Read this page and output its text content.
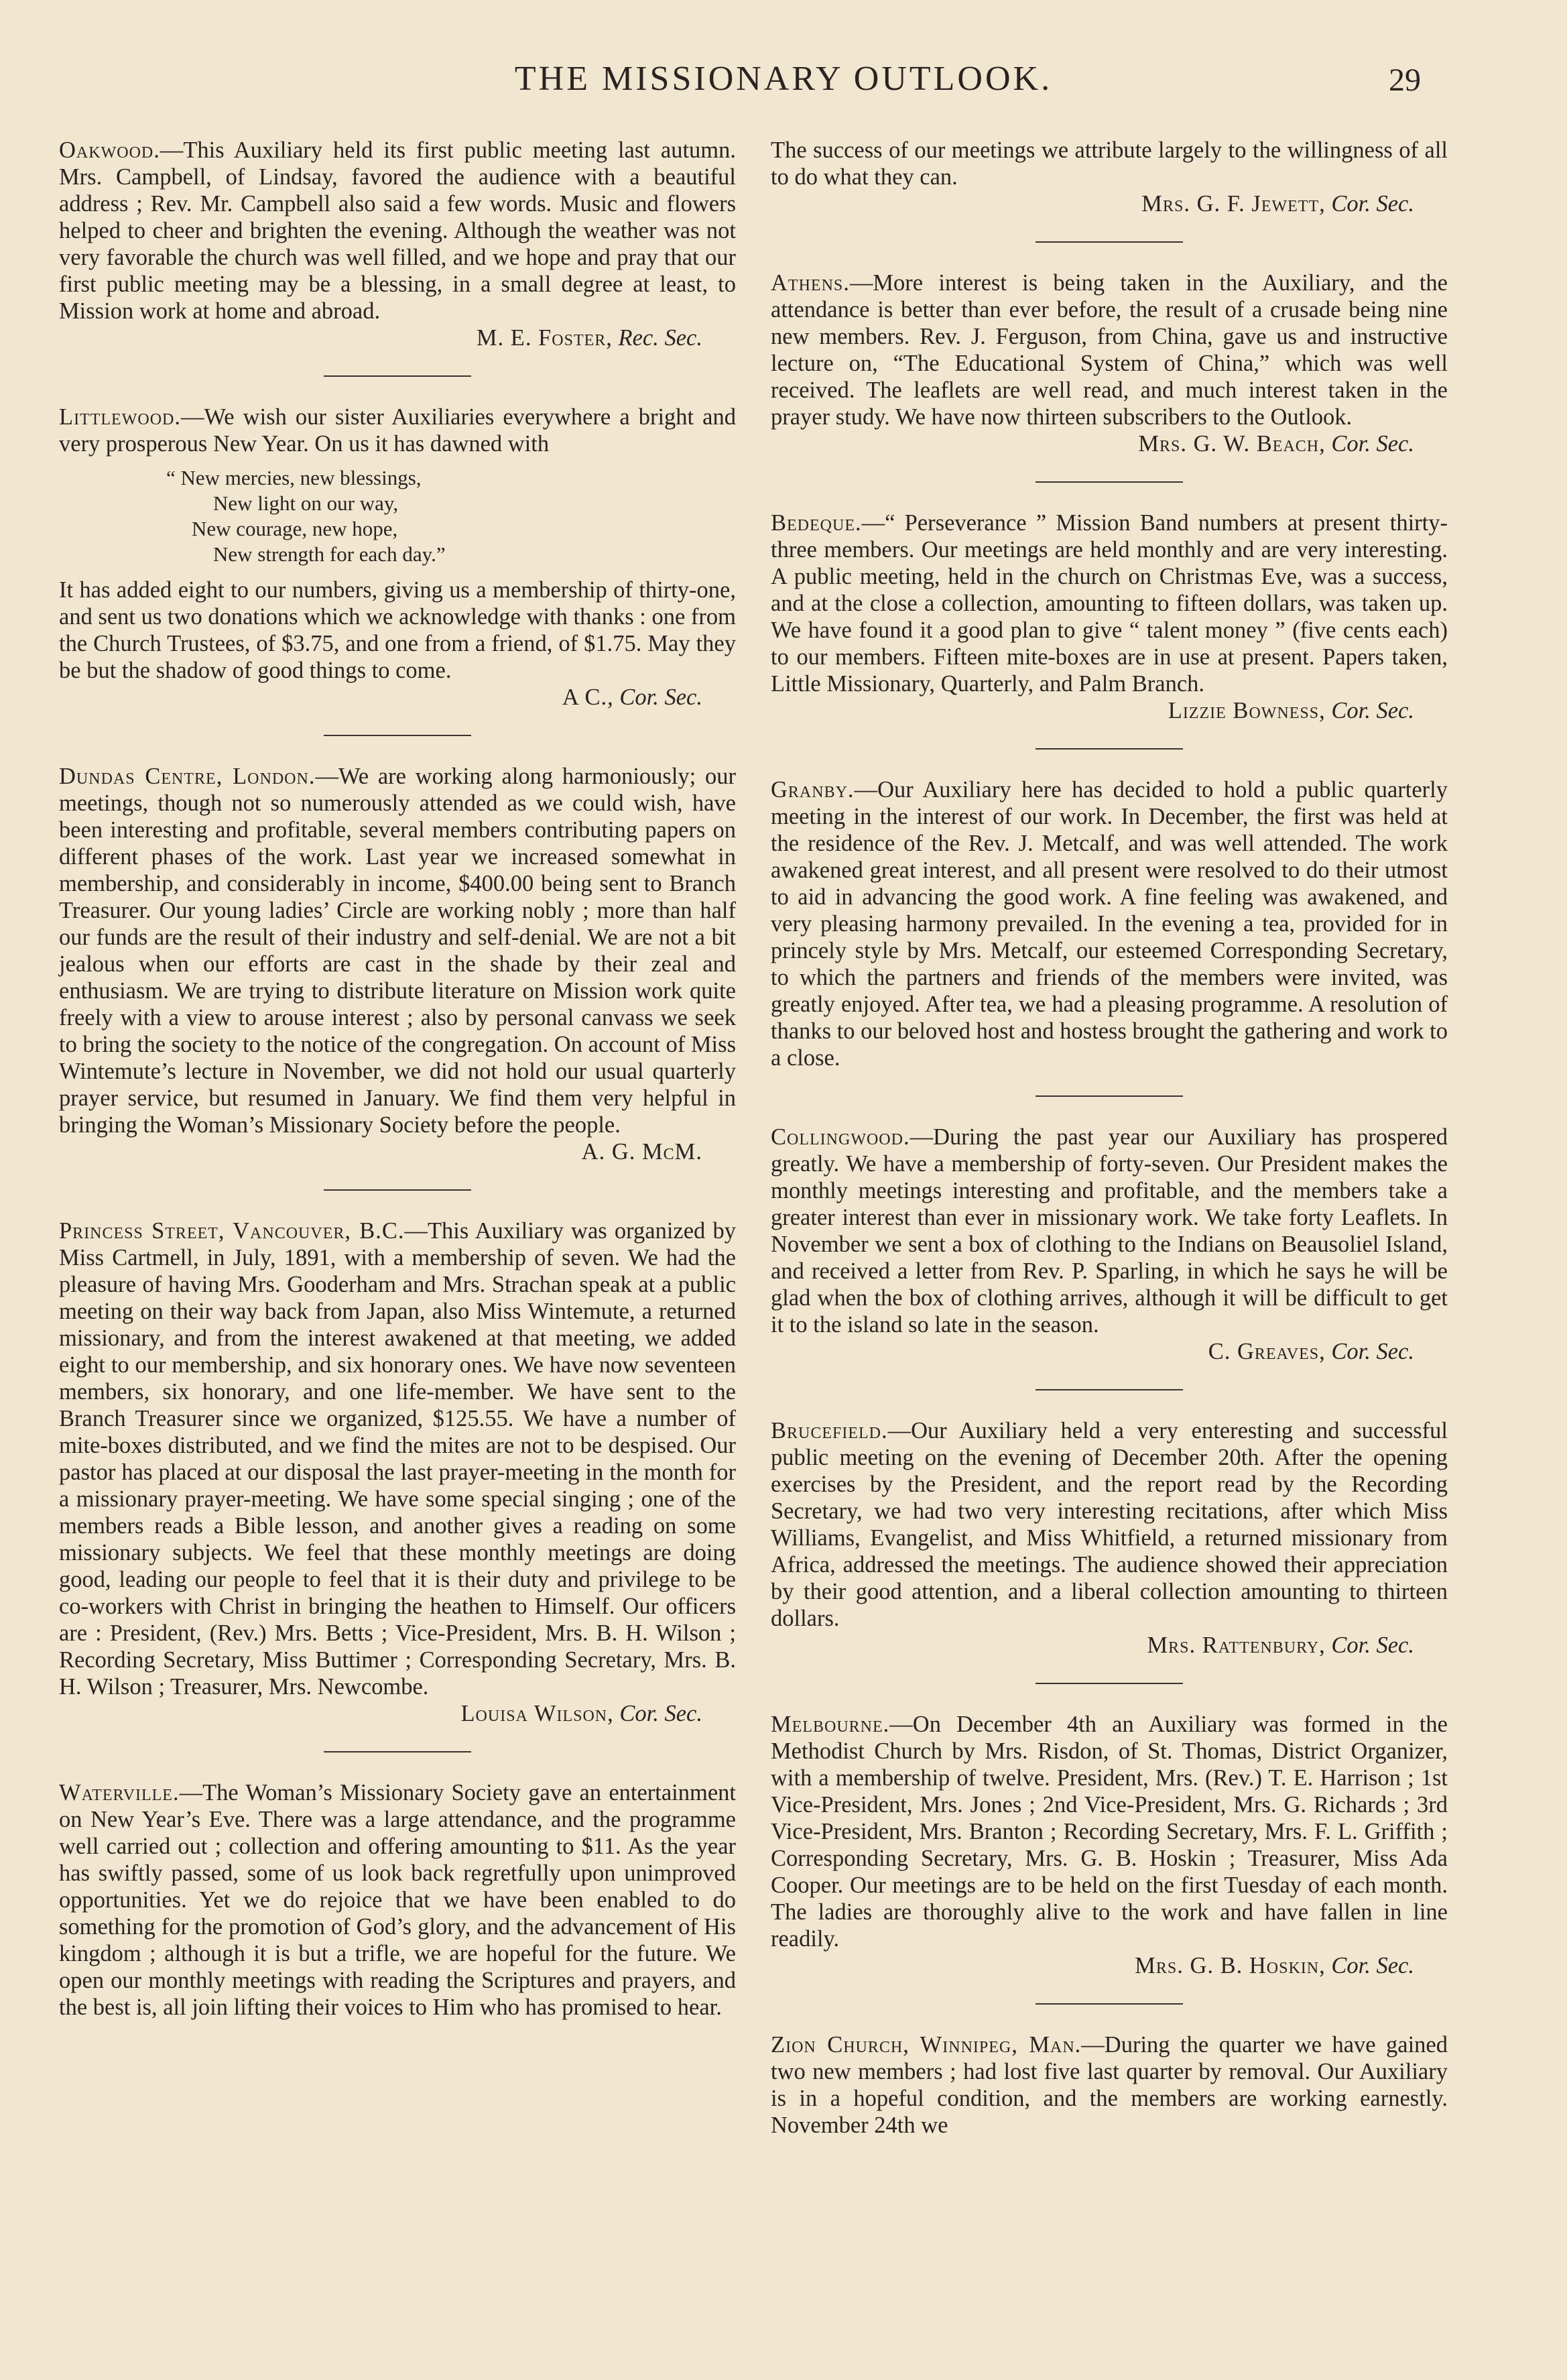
THE MISSIONARY OUTLOOK.	29

Oakwood.—This Auxiliary held its first public meeting last autumn. Mrs. Campbell, of Lindsay, favored the audience with a beautiful address ; Rev. Mr. Campbell also said a few words. Music and flowers helped to cheer and brighten the evening. Although the weather was not very favorable the church was well filled, and we hope and pray that our first public meeting may be a blessing, in a small degree at least, to Mission work at home and abroad.

M. E. Foster, Rec. Sec.

Littlewood.—We wish our sister Auxiliaries everywhere a bright and very prosperous New Year. On us it has dawned with

“ New mercies, new blessings,
New light on our way,
New courage, new hope,
New strength for each day.”

It has added eight to our numbers, giving us a membership of thirty-one, and sent us two donations which we acknowledge with thanks : one from the Church Trustees, of $3.75, and one from a friend, of $1.75. May they be but the shadow of good things to come.

A C., Cor. Sec.

Dundas Centre, London.—We are working along harmoniously; our meetings, though not so numerously attended as we could wish, have been interesting and profitable, several members contributing papers on different phases of the work. Last year we increased somewhat in membership, and considerably in income, $400.00 being sent to Branch Treasurer. Our young ladies’ Circle are working nobly ; more than half our funds are the result of their industry and self-denial. We are not a bit jealous when our efforts are cast in the shade by their zeal and enthusiasm. We are trying to distribute literature on Mission work quite freely with a view to arouse interest ; also by personal canvass we seek to bring the society to the notice of the congregation. On account of Miss Wintemute’s lecture in November, we did not hold our usual quarterly prayer service, but resumed in January. We find them very helpful in bringing the Woman’s Missionary Society before the people.

A. G. McM.

Princess Street, Vancouver, B.C.—This Auxiliary was organized by Miss Cartmell, in July, 1891, with a membership of seven. We had the pleasure of having Mrs. Gooderham and Mrs. Strachan speak at a public meeting on their way back from Japan, also Miss Wintemute, a returned missionary, and from the interest awakened at that meeting, we added eight to our membership, and six honorary ones. We have now seventeen members, six honorary, and one life-member. We have sent to the Branch Treasurer since we organized, $125.55. We have a number of mite-boxes distributed, and we find the mites are not to be despised. Our pastor has placed at our disposal the last prayer-meeting in the month for a missionary prayer-meeting. We have some special singing ; one of the members reads a Bible lesson, and another gives a reading on some missionary subjects. We feel that these monthly meetings are doing good, leading our people to feel that it is their duty and privilege to be co-workers with Christ in bringing the heathen to Himself. Our officers are : President, (Rev.) Mrs. Betts ; Vice-President, Mrs. B. H. Wilson ; Recording Secretary, Miss Buttimer ; Corresponding Secretary, Mrs. B. H. Wilson ; Treasurer, Mrs. Newcombe.

Louisa Wilson, Cor. Sec.

Waterville.—The Woman’s Missionary Society gave an entertainment on New Year’s Eve. There was a large attendance, and the programme well carried out ; collection and offering amounting to $11. As the year has swiftly passed, some of us look back regretfully upon unimproved opportunities. Yet we do rejoice that we have been enabled to do something for the promotion of God’s glory, and the advancement of His kingdom ; although it is but a trifle, we are hopeful for the future. We open our monthly meetings with reading the Scriptures and prayers, and the best is, all join lifting their voices to Him who has promised to hear.

The success of our meetings we attribute largely to the willingness of all to do what they can.

Mrs. G. F. Jewett, Cor. Sec.

Athens.—More interest is being taken in the Auxiliary, and the attendance is better than ever before, the result of a crusade being nine new members. Rev. J. Ferguson, from China, gave us and instructive lecture on, “The Educational System of China,” which was well received. The leaflets are well read, and much interest taken in the prayer study. We have now thirteen subscribers to the Outlook.

Mrs. G. W. Beach, Cor. Sec.

Bedeque.—“ Perseverance ” Mission Band numbers at present thirty-three members. Our meetings are held monthly and are very interesting. A public meeting, held in the church on Christmas Eve, was a success, and at the close a collection, amounting to fifteen dollars, was taken up. We have found it a good plan to give “ talent money ” (five cents each) to our members. Fifteen mite-boxes are in use at present. Papers taken, Little Missionary, Quarterly, and Palm Branch.

Lizzie Bowness, Cor. Sec.

Granby.—Our Auxiliary here has decided to hold a public quarterly meeting in the interest of our work. In December, the first was held at the residence of the Rev. J. Metcalf, and was well attended. The work awakened great interest, and all present were resolved to do their utmost to aid in advancing the good work. A fine feeling was awakened, and very pleasing harmony prevailed. In the evening a tea, provided for in princely style by Mrs. Metcalf, our esteemed Corresponding Secretary, to which the partners and friends of the members were invited, was greatly enjoyed. After tea, we had a pleasing programme. A resolution of thanks to our beloved host and hostess brought the gathering and work to a close.

Collingwood.—During the past year our Auxiliary has prospered greatly. We have a membership of forty-seven. Our President makes the monthly meetings interesting and profitable, and the members take a greater interest than ever in missionary work. We take forty Leaflets. In November we sent a box of clothing to the Indians on Beausoliel Island, and received a letter from Rev. P. Sparling, in which he says he will be glad when the box of clothing arrives, although it will be difficult to get it to the island so late in the season.

C. Greaves, Cor. Sec.

Brucefield.—Our Auxiliary held a very enteresting and successful public meeting on the evening of December 20th. After the opening exercises by the President, and the report read by the Recording Secretary, we had two very interesting recitations, after which Miss Williams, Evangelist, and Miss Whitfield, a returned missionary from Africa, addressed the meetings. The audience showed their appreciation by their good attention, and a liberal collection amounting to thirteen dollars.

Mrs. Rattenbury, Cor. Sec.

Melbourne.—On December 4th an Auxiliary was formed in the Methodist Church by Mrs. Risdon, of St. Thomas, District Organizer, with a membership of twelve. President, Mrs. (Rev.) T. E. Harrison ; 1st Vice-President, Mrs. Jones ; 2nd Vice-President, Mrs. G. Richards ; 3rd Vice-President, Mrs. Branton ; Recording Secretary, Mrs. F. L. Griffith ; Corresponding Secretary, Mrs. G. B. Hoskin ; Treasurer, Miss Ada Cooper. Our meetings are to be held on the first Tuesday of each month. The ladies are thoroughly alive to the work and have fallen in line readily.

Mrs. G. B. Hoskin, Cor. Sec.

Zion Church, Winnipeg, Man.—During the quarter we have gained two new members ; had lost five last quarter by removal. Our Auxiliary is in a hopeful condition, and the members are working earnestly. November 24th we
